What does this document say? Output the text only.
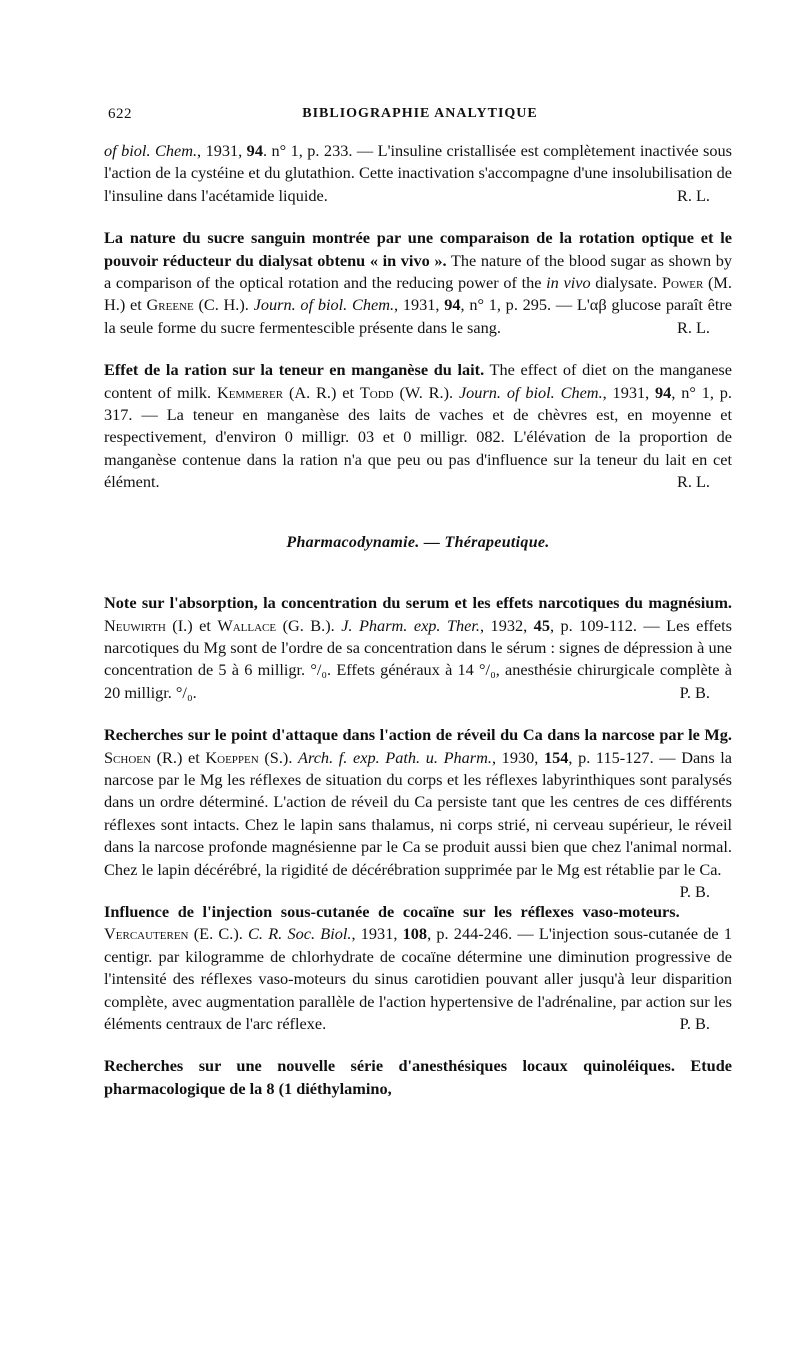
622	BIBLIOGRAPHIE ANALYTIQUE

of biol. Chem., 1931, 94. n° 1, p. 233. — L'insuline cristallisée est complètement inactivée sous l'action de la cystéine et du glutathion. Cette inactivation s'accompagne d'une insolubilisation de l'insuline dans l'acétamide liquide.	R. L.

La nature du sucre sanguin montrée par une comparaison de la rotation optique et le pouvoir réducteur du dialysat obtenu « in vivo ». The nature of the blood sugar as shown by a comparison of the optical rotation and the reducing power of the in vivo dialysate. Power (M. H.) et Greene (C. H.). Journ. of biol. Chem., 1931, 94, n° 1, p. 295. — L'αβ glucose paraît être la seule forme du sucre fermentescible présente dans le sang.	R. L.

Effet de la ration sur la teneur en manganèse du lait. The effect of diet on the manganese content of milk. Kemmerer (A. R.) et Todd (W. R.). Journ. of biol. Chem., 1931, 94, n° 1, p. 317. — La teneur en manganèse des laits de vaches et de chèvres est, en moyenne et respectivement, d'environ 0 milligr. 03 et 0 milligr. 082. L'élévation de la proportion de manganèse contenue dans la ration n'a que peu ou pas d'influence sur la teneur du lait en cet élément.	R. L.

Pharmacodynamie. — Thérapeutique.

Note sur l'absorption, la concentration du serum et les effets narcotiques du magnésium. Neuwirth (I.) et Wallace (G. B.). J. Pharm. exp. Ther., 1932, 45, p. 109-112. — Les effets narcotiques du Mg sont de l'ordre de sa concentration dans le sérum : signes de dépression à une concentration de 5 à 6 milligr. °/₀. Effets généraux à 14 °/₀, anesthésie chirurgicale complète à 20 milligr. °/₀.	P. B.

Recherches sur le point d'attaque dans l'action de réveil du Ca dans la narcose par le Mg. Schoen (R.) et Koeppen (S.). Arch. f. exp. Path. u. Pharm., 1930, 154, p. 115-127. — Dans la narcose par le Mg les réflexes de situation du corps et les réflexes labyrinthiques sont paralysés dans un ordre déterminé. L'action de réveil du Ca persiste tant que les centres de ces différents réflexes sont intacts. Chez le lapin sans thalamus, ni corps strié, ni cerveau supérieur, le réveil dans la narcose profonde magnésienne par le Ca se produit aussi bien que chez l'animal normal. Chez le lapin décérébré, la rigidité de décérébration supprimée par le Mg est rétablie par le Ca.
P. B.

Influence de l'injection sous-cutanée de cocaïne sur les réflexes vaso-moteurs. Vercauteren (E. C.). C. R. Soc. Biol., 1931, 108, p. 244-246. — L'injection sous-cutanée de 1 centigr. par kilogramme de chlorhydrate de cocaïne détermine une diminution progressive de l'intensité des réflexes vaso-moteurs du sinus carotidien pouvant aller jusqu'à leur disparition complète, avec augmentation parallèle de l'action hypertensive de l'adrénaline, par action sur les éléments centraux de l'arc réflexe.	P. B.

Recherches sur une nouvelle série d'anesthésiques locaux quinoléiques. Etude pharmacologique de la 8 (1 diéthylamino,
